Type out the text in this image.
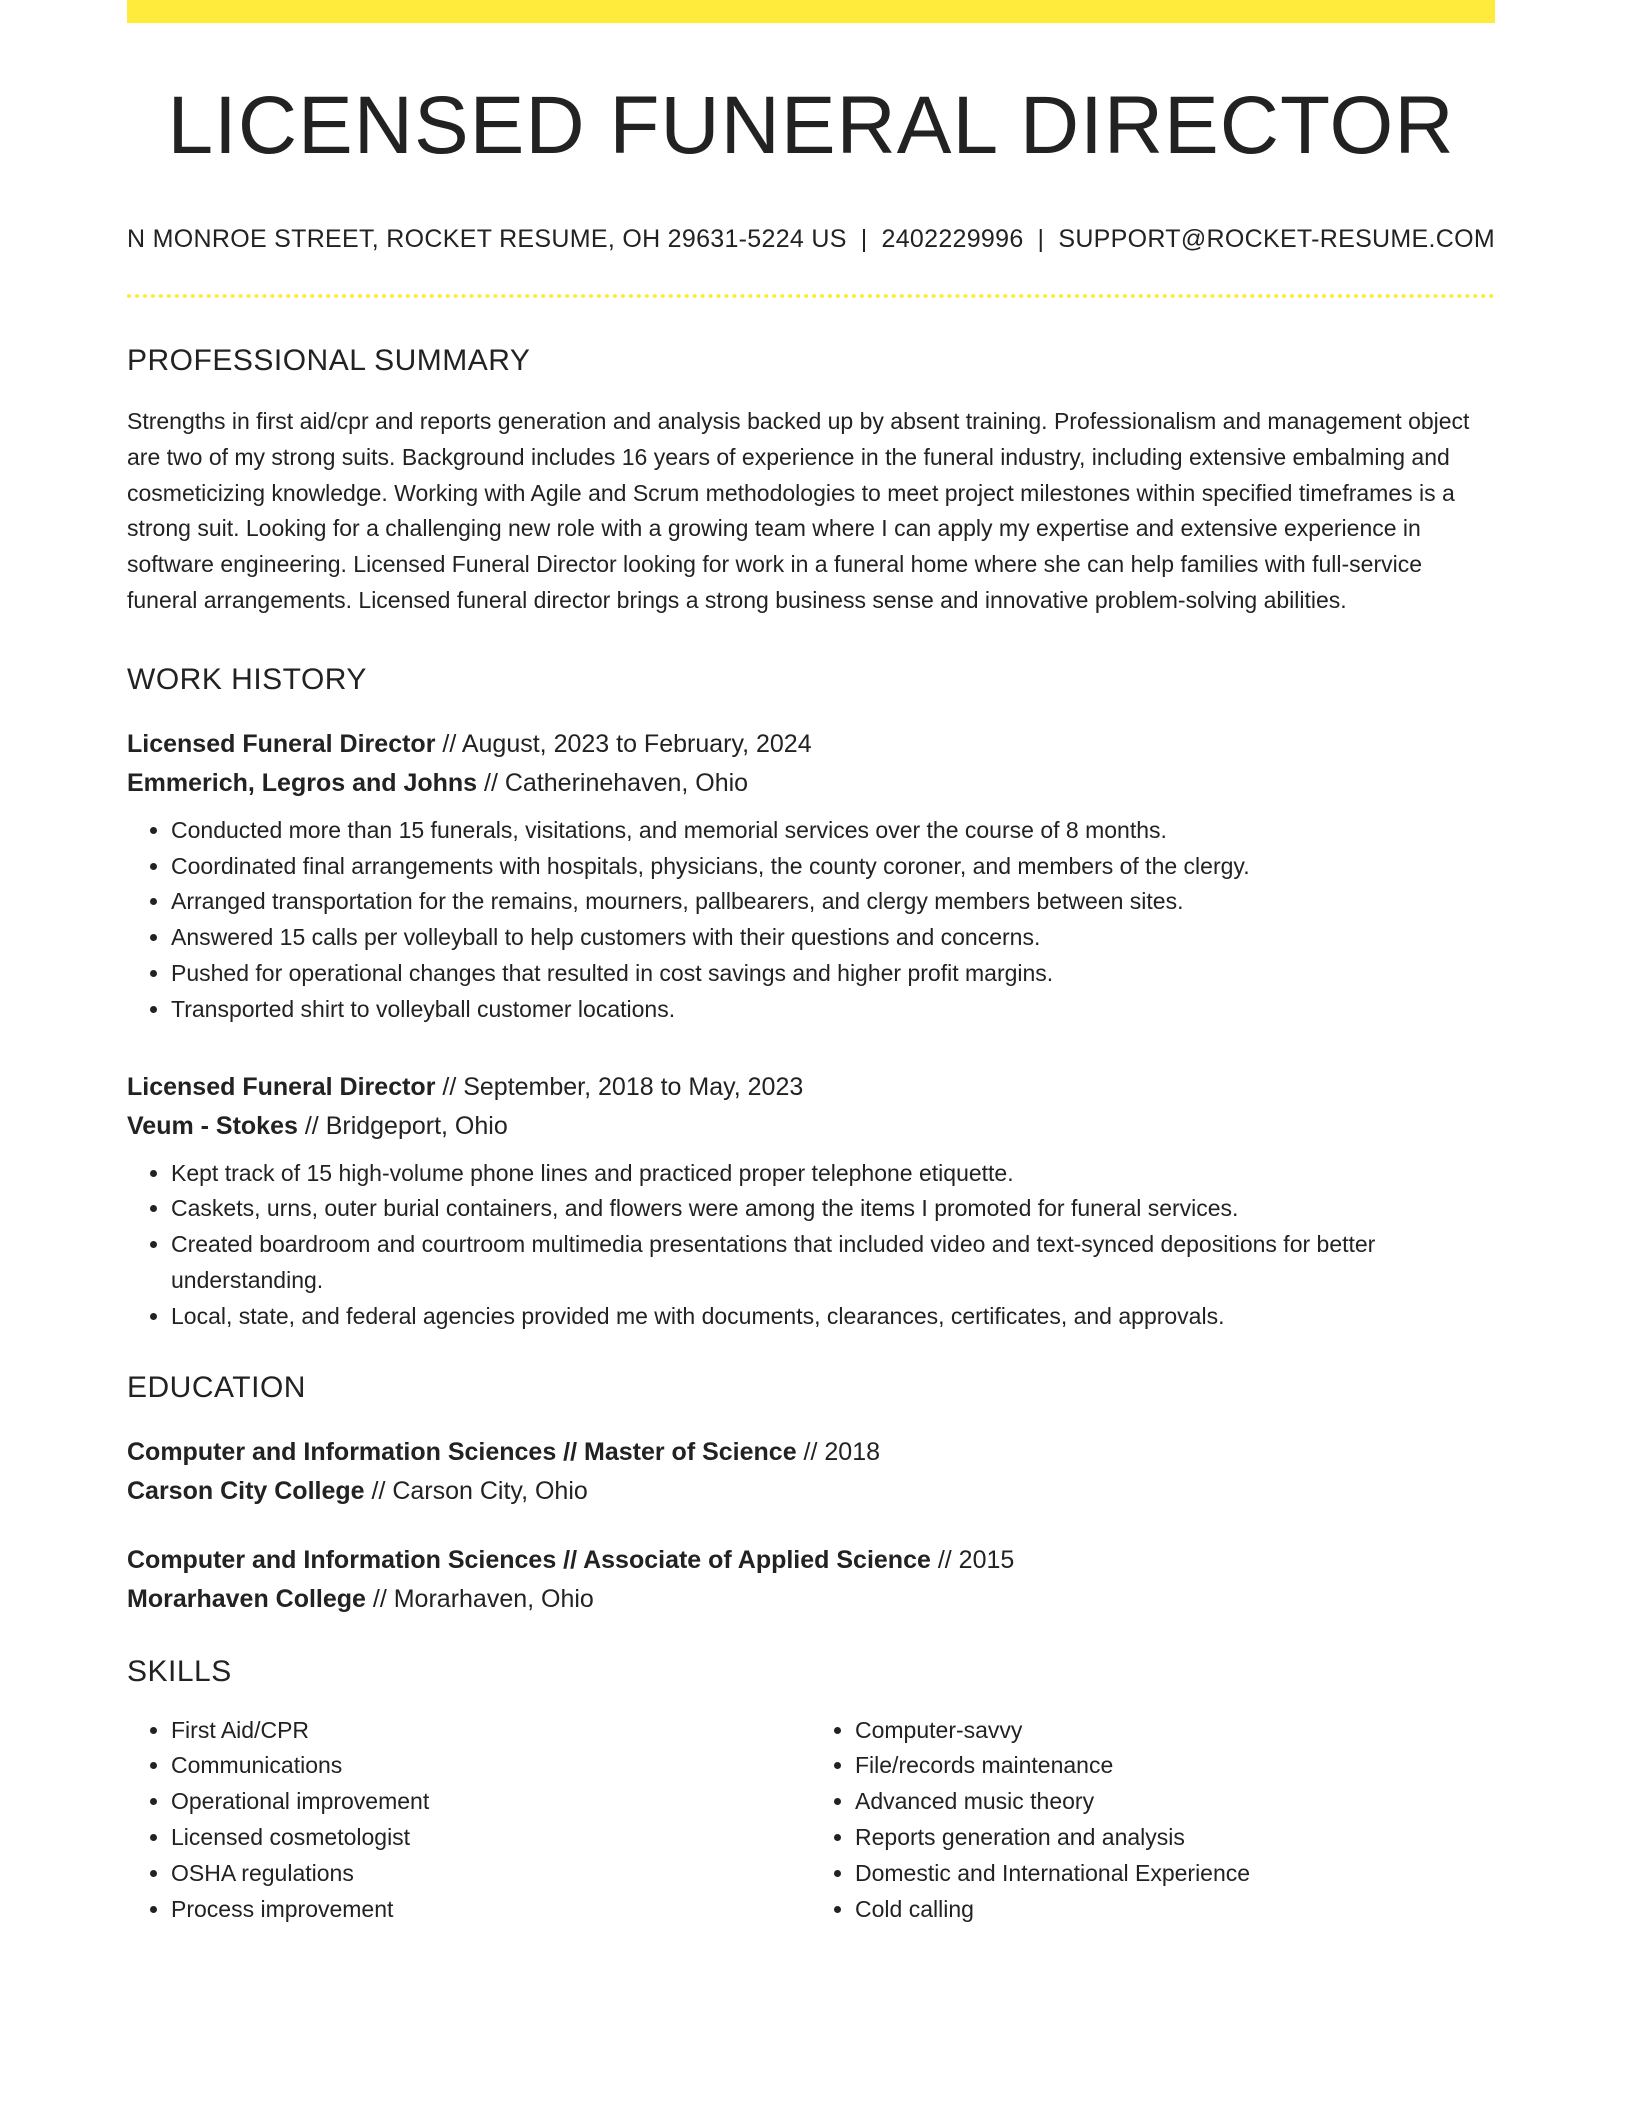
LICENSED FUNERAL DIRECTOR
N MONROE STREET, ROCKET RESUME, OH 29631-5224 US | 2402229996 | SUPPORT@ROCKET-RESUME.COM
PROFESSIONAL SUMMARY
Strengths in first aid/cpr and reports generation and analysis backed up by absent training. Professionalism and management object are two of my strong suits. Background includes 16 years of experience in the funeral industry, including extensive embalming and cosmeticizing knowledge. Working with Agile and Scrum methodologies to meet project milestones within specified timeframes is a strong suit. Looking for a challenging new role with a growing team where I can apply my expertise and extensive experience in software engineering. Licensed Funeral Director looking for work in a funeral home where she can help families with full-service funeral arrangements. Licensed funeral director brings a strong business sense and innovative problem-solving abilities.
WORK HISTORY
Licensed Funeral Director // August, 2023 to February, 2024
Emmerich, Legros and Johns // Catherinehaven, Ohio
• Conducted more than 15 funerals, visitations, and memorial services over the course of 8 months.
• Coordinated final arrangements with hospitals, physicians, the county coroner, and members of the clergy.
• Arranged transportation for the remains, mourners, pallbearers, and clergy members between sites.
• Answered 15 calls per volleyball to help customers with their questions and concerns.
• Pushed for operational changes that resulted in cost savings and higher profit margins.
• Transported shirt to volleyball customer locations.
Licensed Funeral Director // September, 2018 to May, 2023
Veum - Stokes // Bridgeport, Ohio
• Kept track of 15 high-volume phone lines and practiced proper telephone etiquette.
• Caskets, urns, outer burial containers, and flowers were among the items I promoted for funeral services.
• Created boardroom and courtroom multimedia presentations that included video and text-synced depositions for better understanding.
• Local, state, and federal agencies provided me with documents, clearances, certificates, and approvals.
EDUCATION
Computer and Information Sciences // Master of Science // 2018
Carson City College // Carson City, Ohio
Computer and Information Sciences // Associate of Applied Science // 2015
Morarhaven College // Morarhaven, Ohio
SKILLS
• First Aid/CPR
• Communications
• Operational improvement
• Licensed cosmetologist
• OSHA regulations
• Process improvement
• Computer-savvy
• File/records maintenance
• Advanced music theory
• Reports generation and analysis
• Domestic and International Experience
• Cold calling
